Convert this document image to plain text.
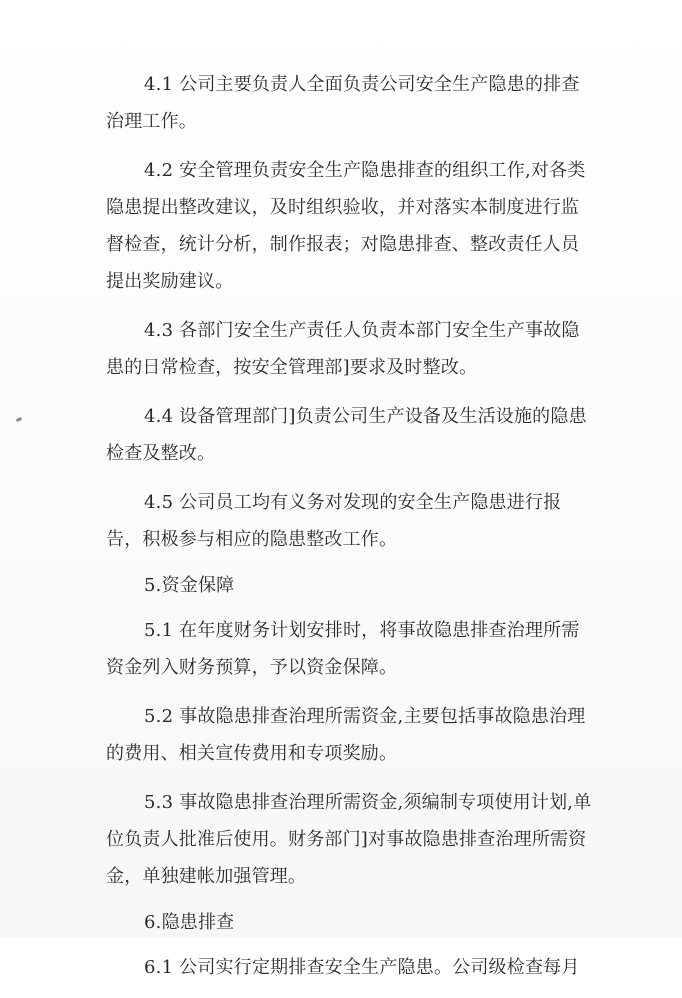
4.1 公司主要负责人全面负责公司安全生产隐患的排查治理工作。

4.2 安全管理负责安全生产隐患排查的组织工作,对各类隐患提出整改建议，及时组织验收，并对落实本制度进行监督检查，统计分析，制作报表；对隐患排查、整改责任人员提出奖励建议。

4.3 各部门安全生产责任人负责本部门安全生产事故隐患的日常检查，按安全管理部]要求及时整改。

4.4 设备管理部门]负责公司生产设备及生活设施的隐患检查及整改。

4.5 公司员工均有义务对发现的安全生产隐患进行报告，积极参与相应的隐患整改工作。

5.资金保障

5.1 在年度财务计划安排时，将事故隐患排查治理所需资金列入财务预算，予以资金保障。

5.2 事故隐患排查治理所需资金,主要包括事故隐患治理的费用、相关宣传费用和专项奖励。

5.3 事故隐患排查治理所需资金,须编制专项使用计划,单位负责人批准后使用。财务部门]对事故隐患排查治理所需资金，单独建帐加强管理。

6.隐患排查

6.1 公司实行定期排查安全生产隐患。公司级检查每月
